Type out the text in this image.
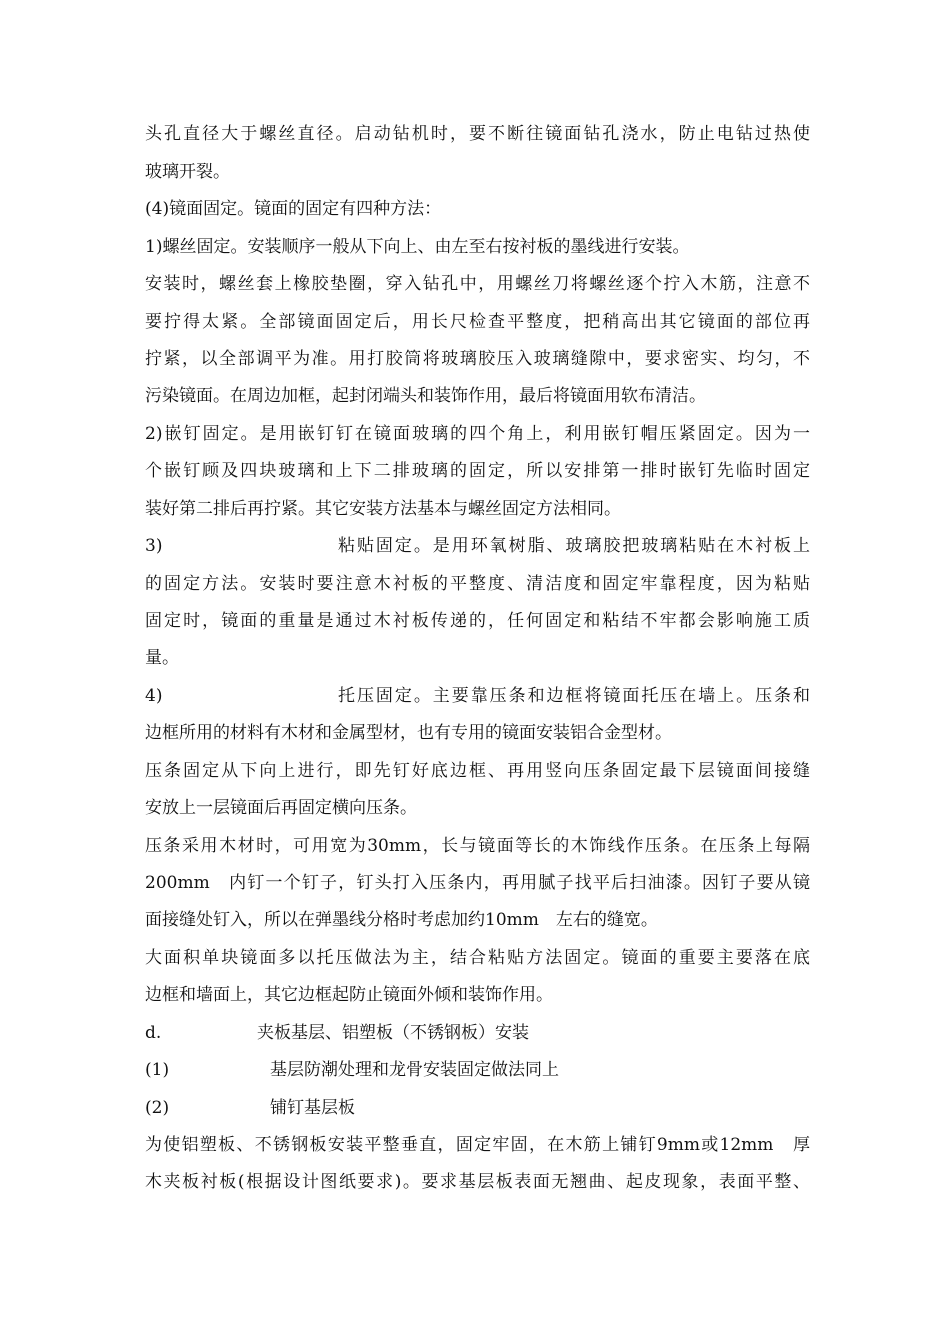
头孔直径大于螺丝直径。启动钻机时，要不断往镜面钻孔浇水，防止电钻过热使
玻璃开裂。
(4)镜面固定。镜面的固定有四种方法：
1)螺丝固定。安装顺序一般从下向上、由左至右按衬板的墨线进行安装。
安装时，螺丝套上橡胶垫圈，穿入钻孔中，用螺丝刀将螺丝逐个拧入木筋，注意不
要拧得太紧。全部镜面固定后，用长尺检查平整度，把稍高出其它镜面的部位再
拧紧，以全部调平为准。用打胶筒将玻璃胶压入玻璃缝隙中，要求密实、均匀，不
污染镜面。在周边加框，起封闭端头和装饰作用，最后将镜面用软布清洁。
2)嵌钉固定。是用嵌钉钉在镜面玻璃的四个角上，利用嵌钉帽压紧固定。因为一
个嵌钉顾及四块玻璃和上下二排玻璃的固定，所以安排第一排时嵌钉先临时固定
装好第二排后再拧紧。其它安装方法基本与螺丝固定方法相同。
3)	粘贴固定。是用环氧树脂、玻璃胶把玻璃粘贴在木衬板上
的固定方法。安装时要注意木衬板的平整度、清洁度和固定牢靠程度，因为粘贴
固定时，镜面的重量是通过木衬板传递的，任何固定和粘结不牢都会影响施工质
量。
4)	托压固定。主要靠压条和边框将镜面托压在墙上。压条和
边框所用的材料有木材和金属型材，也有专用的镜面安装铝合金型材。
压条固定从下向上进行，即先钉好底边框、再用竖向压条固定最下层镜面间接缝
安放上一层镜面后再固定横向压条。
压条采用木材时，可用宽为30mm，长与镜面等长的木饰线作压条。在压条上每隔
200mm　内钉一个钉子，钉头打入压条内，再用腻子找平后扫油漆。因钉子要从镜
面接缝处钉入，所以在弹墨线分格时考虑加约10mm　左右的缝宽。
大面积单块镜面多以托压做法为主，结合粘贴方法固定。镜面的重要主要落在底
边框和墙面上，其它边框起防止镜面外倾和装饰作用。
d.	夹板基层、铝塑板（不锈钢板）安装
(1)	基层防潮处理和龙骨安装固定做法同上
(2)	铺钉基层板
为使铝塑板、不锈钢板安装平整垂直，固定牢固，在木筋上铺钉9mm或12mm　厚
木夹板衬板(根据设计图纸要求)。要求基层板表面无翘曲、起皮现象，表面平整、
